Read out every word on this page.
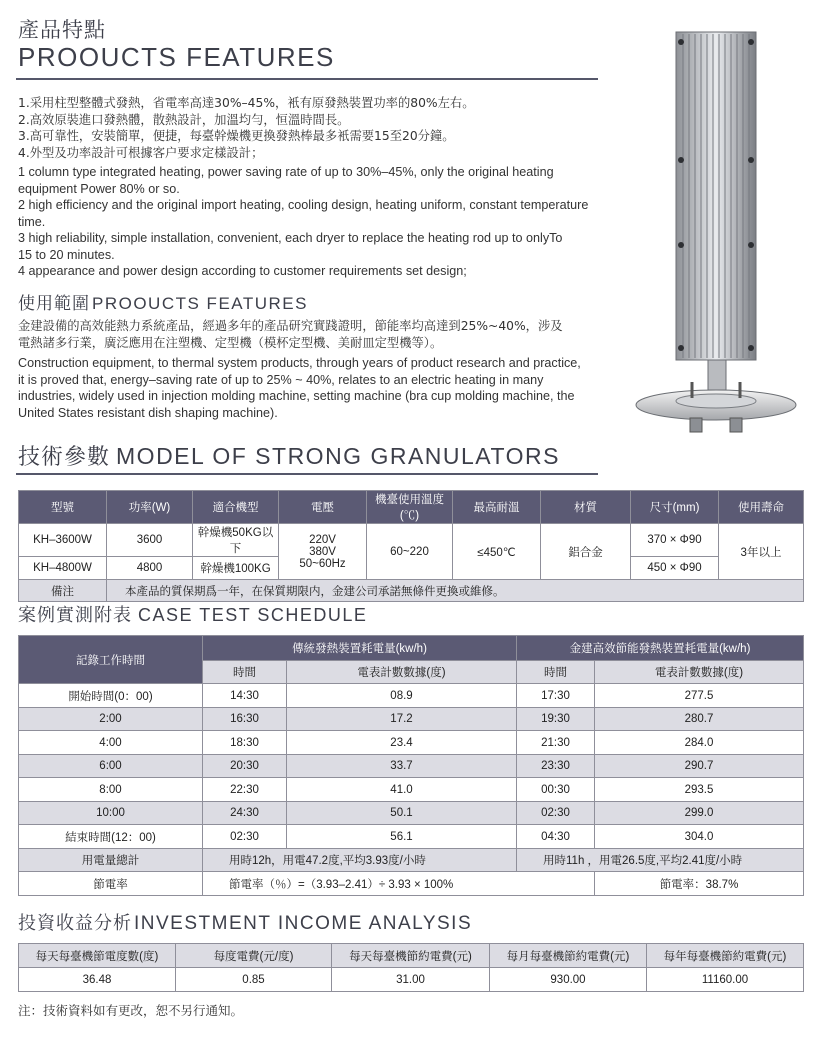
產品特點
PROOUCTS FEATURES
1.采用柱型整體式發熱，省電率高達30%–45%，衹有原發熱裝置功率的80%左右。
2.高效原裝進口發熱體，散熱設計，加溫均勻，恒溫時間長。
3.高可靠性，安裝簡單，便捷，每臺幹燥機更換發熱棒最多衹需要15至20分鐘。
4.外型及功率設計可根據客户要求定樣設計；
1 column type integrated heating, power saving rate of up to 30%–45%, only the original heating
equipment Power 80% or so.
2 high efficiency and the original import heating, cooling design, heating uniform, constant temperature
time.
3 high reliability, simple installation, convenient, each dryer to replace the heating rod up to onlyTo
15 to 20 minutes.
4 appearance and power design according to customer requirements set design;
使用範圍 PROOUCTS FEATURES
金建設備的高效能熱力系統產品，經過多年的產品研究實踐證明，節能率均高達到25%~40%，涉及
電熱諸多行業，廣泛應用在注塑機、定型機（模杯定型機、美耐皿定型機等）。
Construction equipment, to thermal system products, through years of product research and practice,
it is proved that, energy–saving rate of up to 25% ~ 40%, relates to an electric heating in many
industries, widely used in injection molding machine, setting machine (bra cup molding machine, the
United States resistant dish shaping machine).
技術參數 MODEL OF STRONG GRANULATORS
型號	功率(W)	適合機型	電壓	機臺使用溫度(℃)	最高耐溫	材質	尺寸(mm)	使用壽命
KH–3600W	3600	幹燥機50KG以下	220V
380V
50~60Hz	60~220	≤450℃	鋁合金	370 × Φ90	3年以上
KH–4800W	4800	幹燥機100KG					450 × Φ90	
備注	本產品的質保期爲一年，在保質期限内，金建公司承諾無條件更換或維修。							
案例實測附表 CASE TEST SCHEDULE
記錄工作時間	傳統發熱裝置耗電量(kw/h)		金建高效節能發熱裝置耗電量(kw/h)	
	時間	電表計數數據(度)	時間	電表計數數據(度)
開始時間(0：00)	14:30	08.9	17:30	277.5
2:00	16:30	17.2	19:30	280.7
4:00	18:30	23.4	21:30	284.0
6:00	20:30	33.7	23:30	290.7
8:00	22:30	41.0	00:30	293.5
10:00	24:30	50.1	02:30	299.0
結束時間(12：00)	02:30	56.1	04:30	304.0
用電量總計	用時12h，用電47.2度,平均3.93度/小時		用時11h ，用電26.5度,平均2.41度/小時	
節電率	節電率（％）=（3.93–2.41）÷ 3.93 × 100%			節電率：38.7%
投資收益分析 INVESTMENT INCOME ANALYSIS
每天每臺機節電度數(度)	每度電費(元/度)	每天每臺機節約電費(元)	每月每臺機節約電費(元)	每年每臺機節約電費(元)
36.48	0.85	31.00	930.00	11160.00
注：技術資料如有更改，恕不另行通知。
